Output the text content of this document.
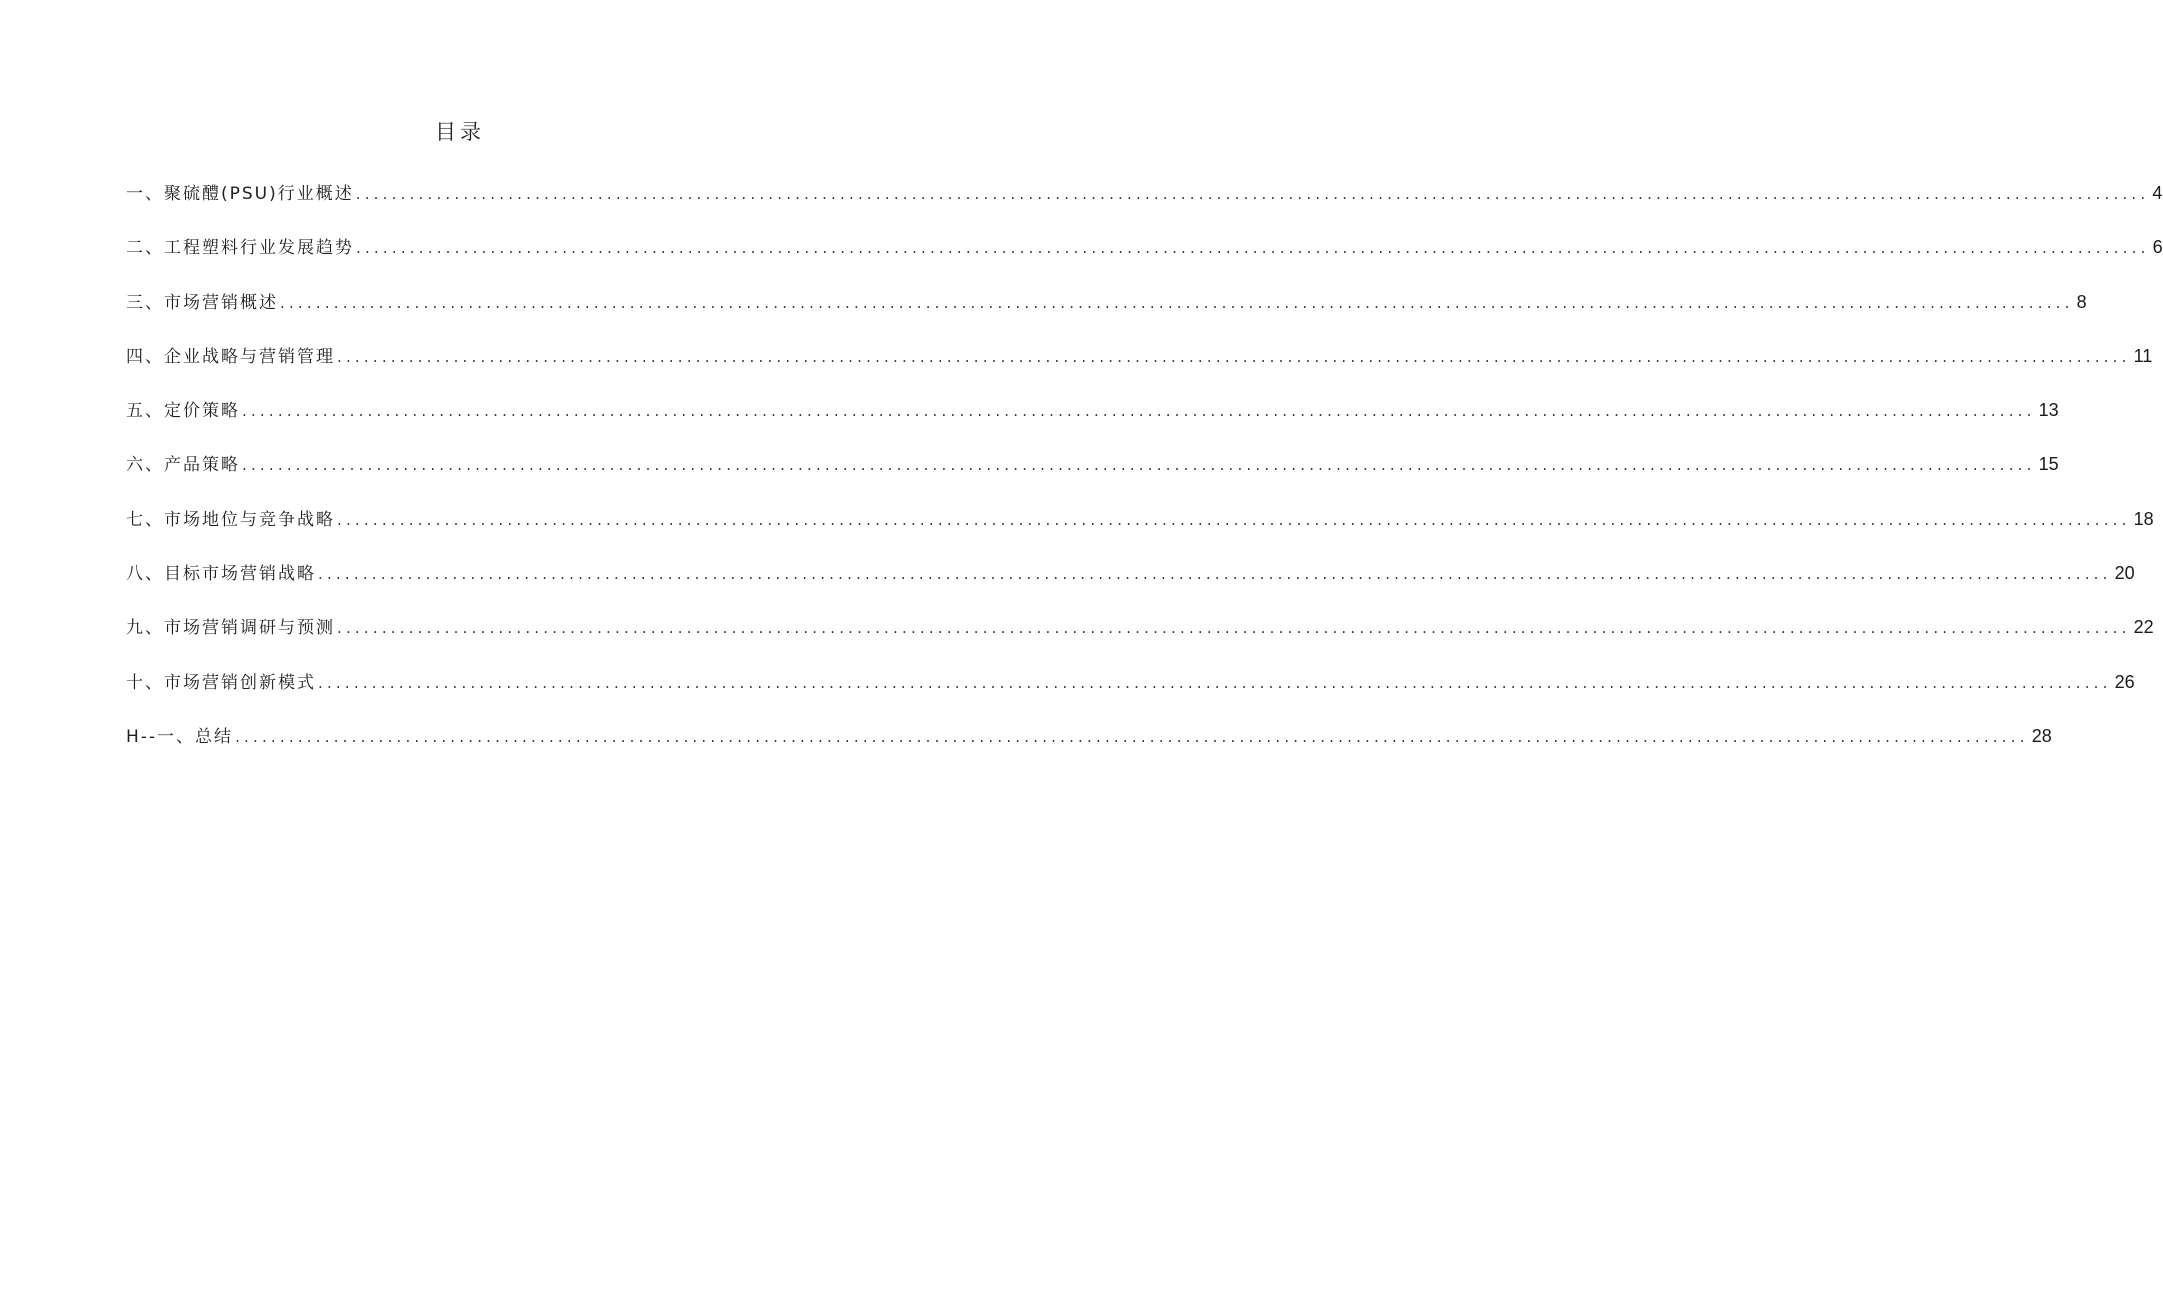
目录
一、聚硫醴(PSU)行业概述 ........................................................................................................................................................................................................ 4
二、工程塑料行业发展趋势 ........................................................................................................................................................................................................ 6
三、市场营销概述 ........................................................................................................................................................................................................ 8
四、企业战略与营销管理 ........................................................................................................................................................................................................ 11
五、定价策略 ........................................................................................................................................................................................................ 13
六、产品策略 ........................................................................................................................................................................................................ 15
七、市场地位与竞争战略 ........................................................................................................................................................................................................ 18
八、目标市场营销战略 ........................................................................................................................................................................................................ 20
九、市场营销调研与预测 ........................................................................................................................................................................................................ 22
十、市场营销创新模式 ........................................................................................................................................................................................................ 26
H--一、总结 ........................................................................................................................................................................................................ 28
